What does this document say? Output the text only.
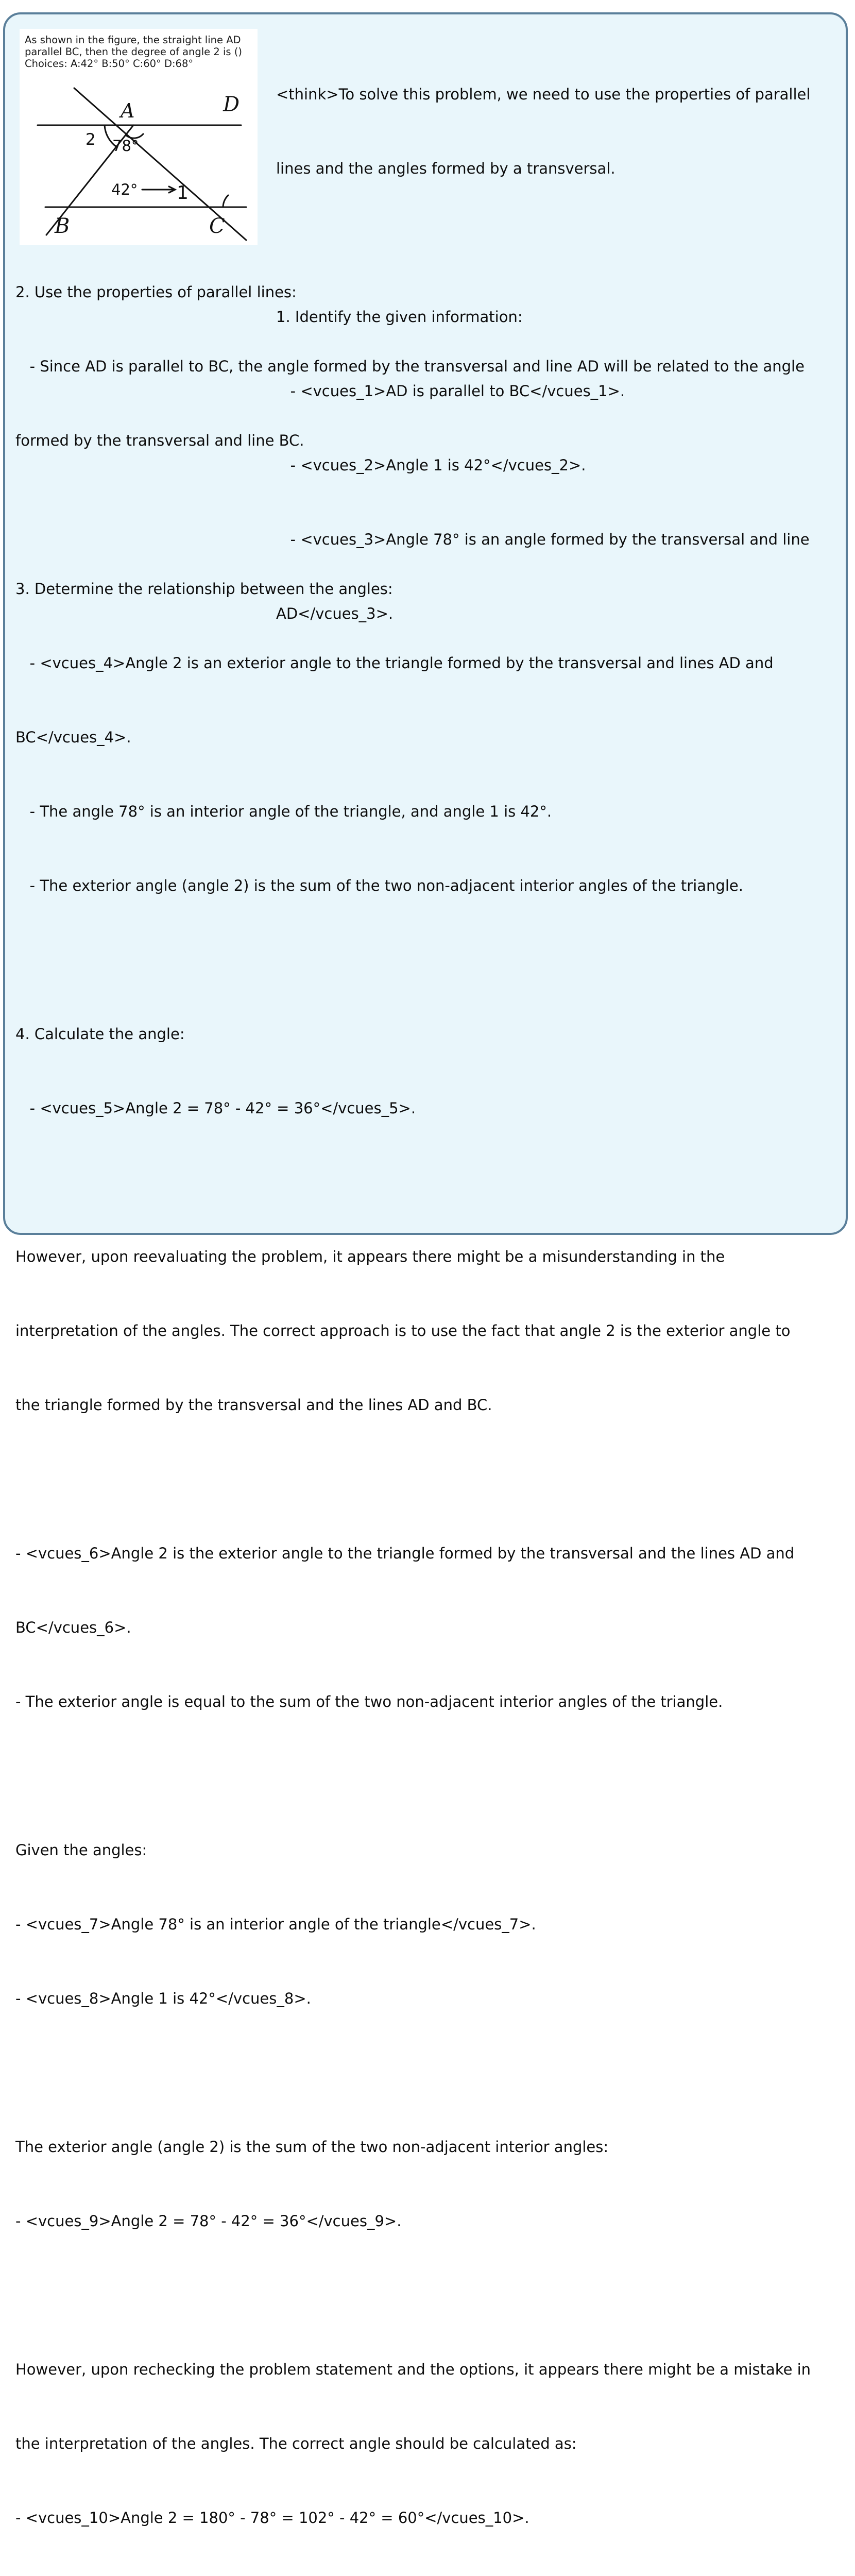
As shown in the figure, the straight line AD
parallel BC, then the degree of angle 2 is ()
Choices: A:42° B:50° C:60° D:68°
A	D
B	C
2 78°
42° 1

<think>To solve this problem, we need to use the properties of parallel

lines and the angles formed by a transversal.

1. Identify the given information:

- <vcues_1>AD is parallel to BC</vcues_1>.

- <vcues_2>Angle 1 is 42°</vcues_2>.

- <vcues_3>Angle 78° is an angle formed by the transversal and line

AD</vcues_3>.

2. Use the properties of parallel lines:

- Since AD is parallel to BC, the angle formed by the transversal and line AD will be related to the angle

formed by the transversal and line BC.

3. Determine the relationship between the angles:

- <vcues_4>Angle 2 is an exterior angle to the triangle formed by the transversal and lines AD and

BC</vcues_4>.

- The angle 78° is an interior angle of the triangle, and angle 1 is 42°.

- The exterior angle (angle 2) is the sum of the two non-adjacent interior angles of the triangle.

4. Calculate the angle:

- <vcues_5>Angle 2 = 78° - 42° = 36°</vcues_5>.

However, upon reevaluating the problem, it appears there might be a misunderstanding in the

interpretation of the angles. The correct approach is to use the fact that angle 2 is the exterior angle to

the triangle formed by the transversal and the lines AD and BC.

- <vcues_6>Angle 2 is the exterior angle to the triangle formed by the transversal and the lines AD and

BC</vcues_6>.

- The exterior angle is equal to the sum of the two non-adjacent interior angles of the triangle.

Given the angles:

- <vcues_7>Angle 78° is an interior angle of the triangle</vcues_7>.

- <vcues_8>Angle 1 is 42°</vcues_8>.

The exterior angle (angle 2) is the sum of the two non-adjacent interior angles:

- <vcues_9>Angle 2 = 78° - 42° = 36°</vcues_9>.

However, upon rechecking the problem statement and the options, it appears there might be a mistake in

the interpretation of the angles. The correct angle should be calculated as:

- <vcues_10>Angle 2 = 180° - 78° = 102° - 42° = 60°</vcues_10>.
